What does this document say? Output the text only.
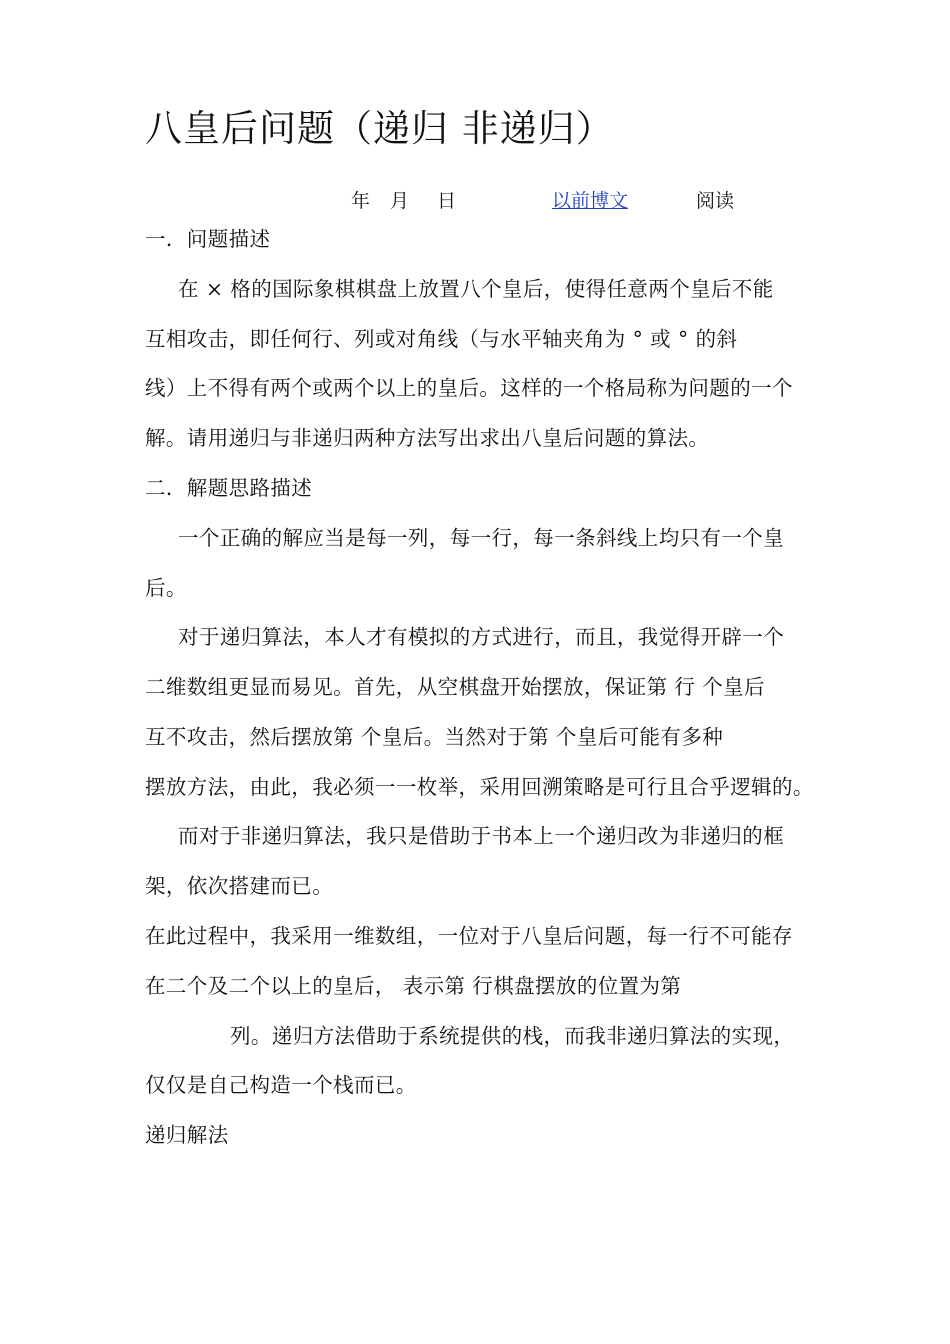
八皇后问题（递归 非递归）
年 月 日	以前博文	阅读
一．问题描述
在 × 格的国际象棋棋盘上放置八个皇后，使得任意两个皇后不能
互相攻击，即任何行、列或对角线（与水平轴夹角为 ° 或 ° 的斜
线）上不得有两个或两个以上的皇后。这样的一个格局称为问题的一个
解。请用递归与非递归两种方法写出求出八皇后问题的算法。
二．解题思路描述
一个正确的解应当是每一列，每一行，每一条斜线上均只有一个皇
后。
对于递归算法，本人才有模拟的方式进行，而且，我觉得开辟一个
二维数组更显而易见。首先，从空棋盘开始摆放，保证第 行 个皇后
互不攻击，然后摆放第 个皇后。当然对于第 个皇后可能有多种
摆放方法，由此，我必须一一枚举，采用回溯策略是可行且合乎逻辑的。
而对于非递归算法，我只是借助于书本上一个递归改为非递归的框
架，依次搭建而已。
在此过程中，我采用一维数组，一位对于八皇后问题，每一行不可能存
在二个及二个以上的皇后， 表示第 行棋盘摆放的位置为第
列。递归方法借助于系统提供的栈，而我非递归算法的实现，
仅仅是自己构造一个栈而已。
递归解法
